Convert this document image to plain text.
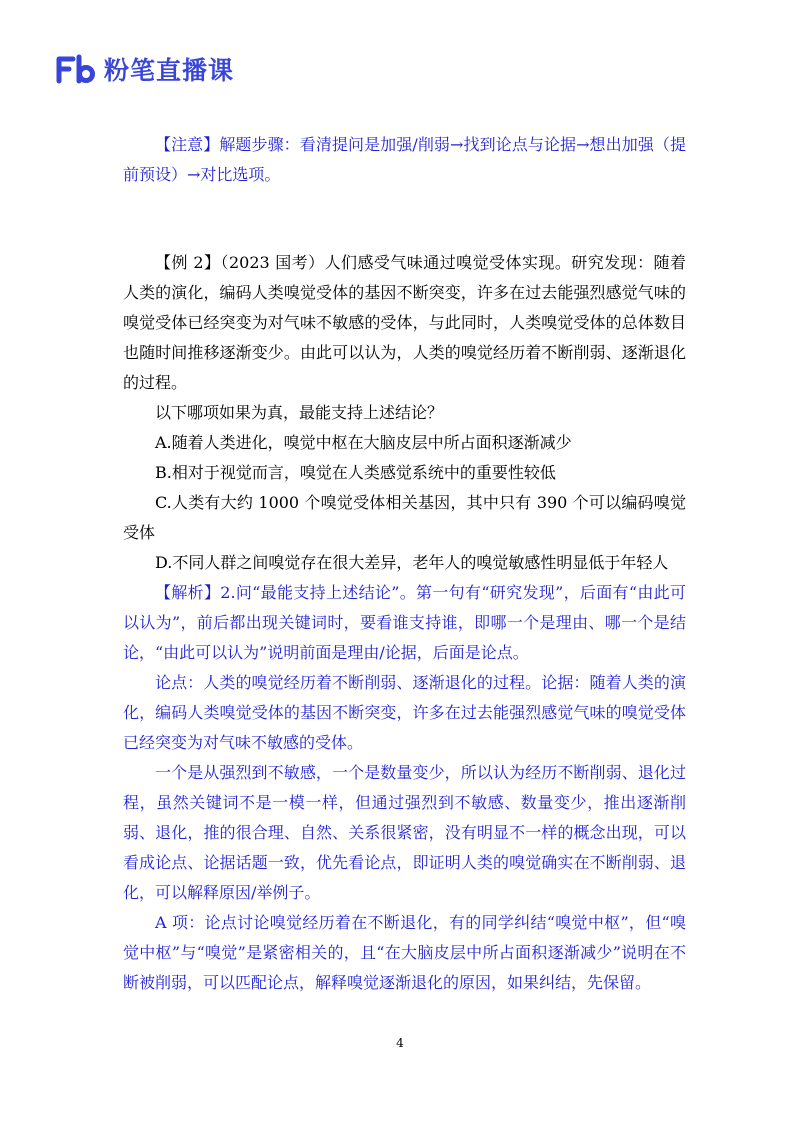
粉笔直播课

【注意】解题步骤：看清提问是加强/削弱→找到论点与论据→想出加强（提前预设）→对比选项。

【例 2】（2023 国考）人们感受气味通过嗅觉受体实现。研究发现：随着人类的演化，编码人类嗅觉受体的基因不断突变，许多在过去能强烈感觉气味的嗅觉受体已经突变为对气味不敏感的受体，与此同时，人类嗅觉受体的总体数目也随时间推移逐渐变少。由此可以认为，人类的嗅觉经历着不断削弱、逐渐退化的过程。

以下哪项如果为真，最能支持上述结论？

A.随着人类进化，嗅觉中枢在大脑皮层中所占面积逐渐减少

B.相对于视觉而言，嗅觉在人类感觉系统中的重要性较低

C.人类有大约 1000 个嗅觉受体相关基因，其中只有 390 个可以编码嗅觉受体

D.不同人群之间嗅觉存在很大差异，老年人的嗅觉敏感性明显低于年轻人

【解析】2.问“最能支持上述结论”。第一句有“研究发现”，后面有“由此可以认为”，前后都出现关键词时，要看谁支持谁，即哪一个是理由、哪一个是结论，“由此可以认为”说明前面是理由/论据，后面是论点。

论点：人类的嗅觉经历着不断削弱、逐渐退化的过程。论据：随着人类的演化，编码人类嗅觉受体的基因不断突变，许多在过去能强烈感觉气味的嗅觉受体已经突变为对气味不敏感的受体。

一个是从强烈到不敏感，一个是数量变少，所以认为经历不断削弱、退化过程，虽然关键词不是一模一样，但通过强烈到不敏感、数量变少，推出逐渐削弱、退化，推的很合理、自然、关系很紧密，没有明显不一样的概念出现，可以看成论点、论据话题一致，优先看论点，即证明人类的嗅觉确实在不断削弱、退化，可以解释原因/举例子。

A 项：论点讨论嗅觉经历着在不断退化，有的同学纠结“嗅觉中枢”，但“嗅觉中枢”与“嗅觉”是紧密相关的，且“在大脑皮层中所占面积逐渐减少”说明在不断被削弱，可以匹配论点，解释嗅觉逐渐退化的原因，如果纠结，先保留。

4
